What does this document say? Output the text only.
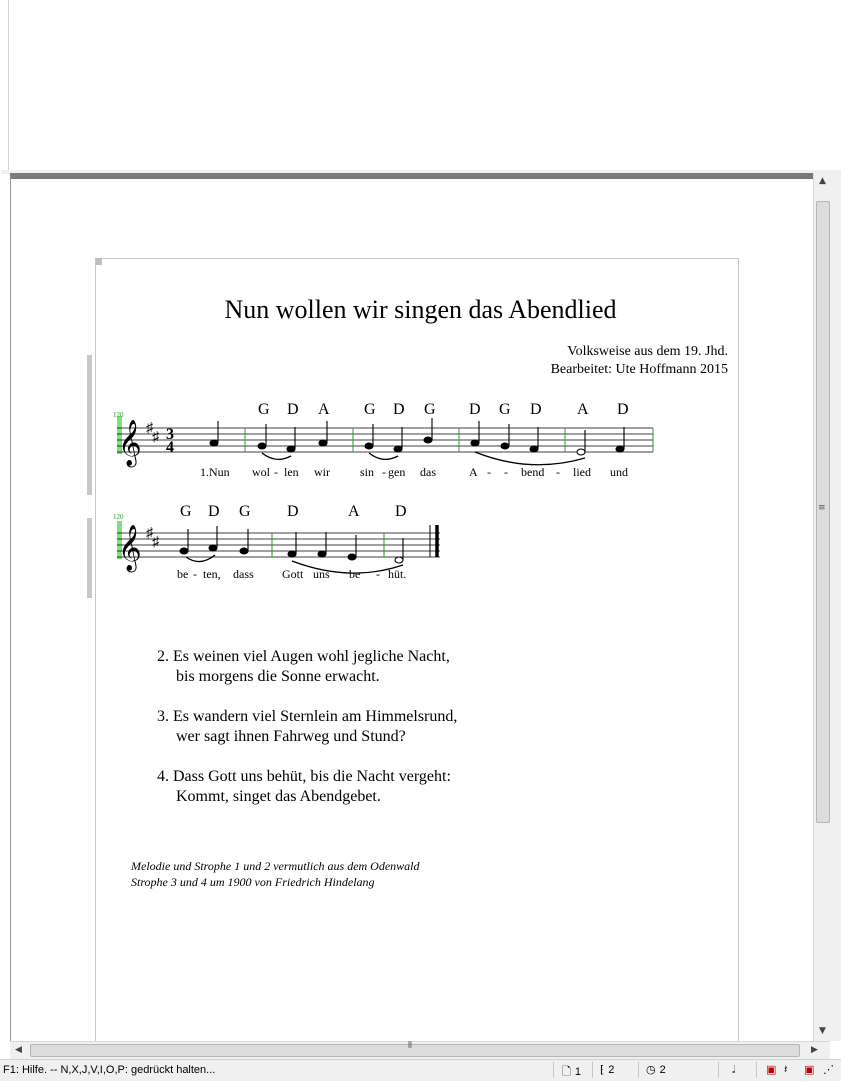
Nun wollen wir singen das Abendlied
Volksweise aus dem 19. Jhd.
Bearbeitet: Ute Hoffmann 2015
120
𝄞 ♯
♯ 3
4
G D A G D G D G D A D
1.Nun wol - len wir	sin - gen das	A - - bend - lied und
120
𝄞 ♯
♯
G D G D	A D
be - ten, dass Gott uns be - hüt.
2. Es weinen viel Augen wohl jegliche Nacht,
bis morgens die Sonne erwacht.
3. Es wandern viel Sternlein am Himmelsrund,
wer sagt ihnen Fahrweg und Stund?
4. Dass Gott uns behüt, bis die Nacht vergeht:
Kommt, singet das Abendgebet.
Melodie und Strophe 1 und 2 vermutlich aus dem Odenwald
Strophe 3 und 4 um 1900 von Friedrich Hindelang
▲
≡
▼
◀	⦀	▶
F1: Hilfe. -- N,X,J,V,I,O,P: gedrückt halten...	🗋 1 ⁅ 2	◷ 2	𝅗𝅥	▣ 𝄽 ▣ ⋰
